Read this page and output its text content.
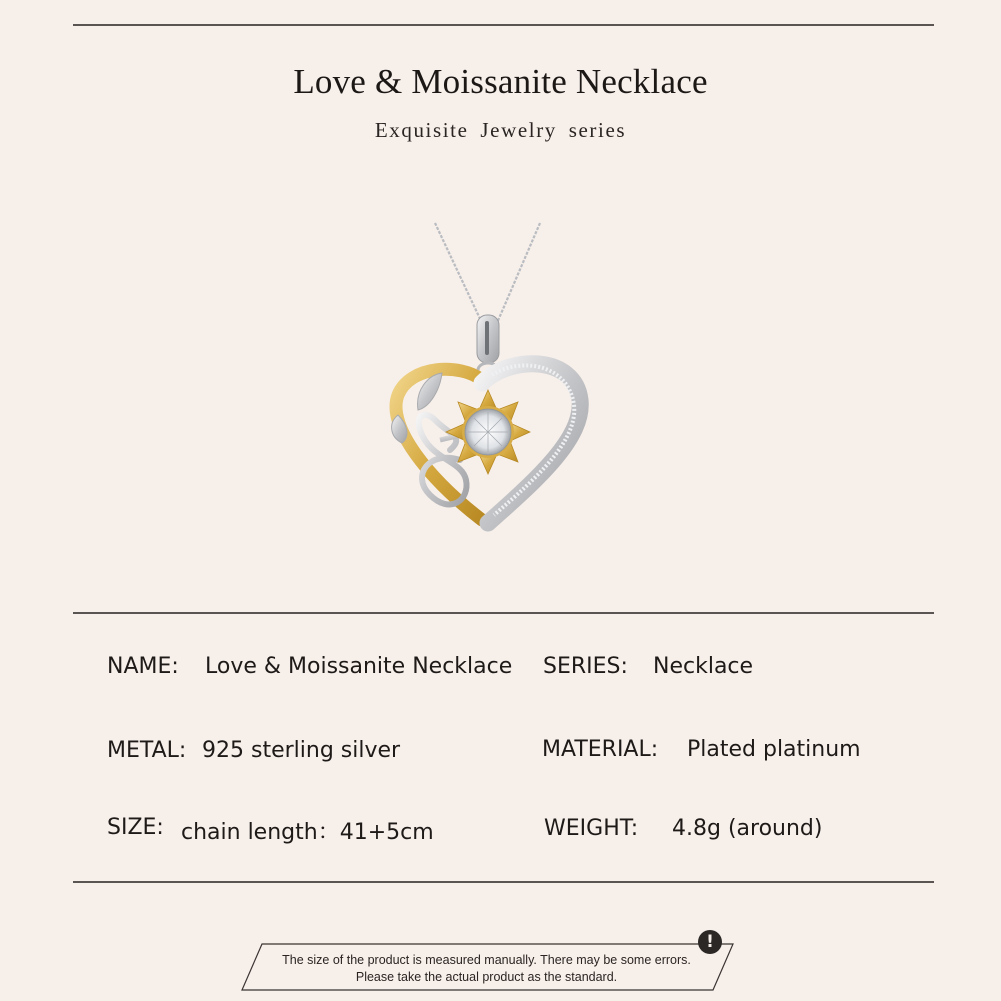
Love & Moissanite Necklace
Exquisite Jewelry series
NAME: Love & Moissanite Necklace SERIES: Necklace
METAL: 925 sterling silver	MATERIAL: Plated platinum
SIZE: chain length：41+5cm	WEIGHT: 4.8g (around)
!
The size of the product is measured manually. There may be some errors.
Please take the actual product as the standard.
